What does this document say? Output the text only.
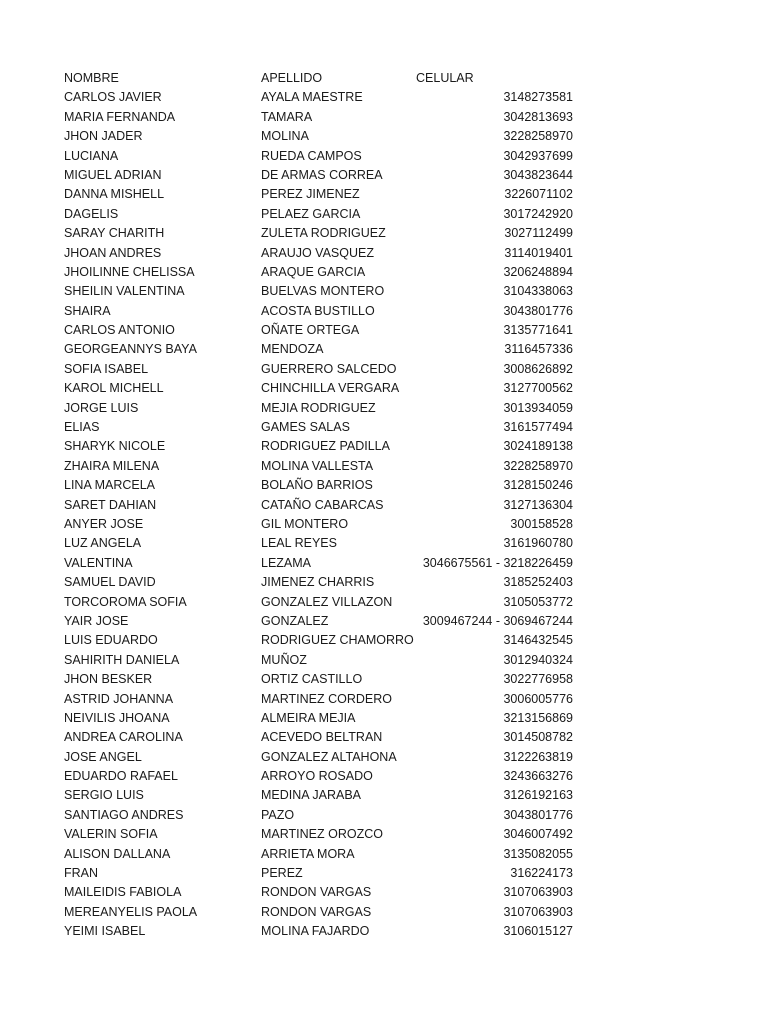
NOMBRE	APELLIDO	CELULAR
CARLOS JAVIER	AYALA MAESTRE	3148273581
MARIA FERNANDA	TAMARA	3042813693
JHON JADER	MOLINA	3228258970
LUCIANA	RUEDA CAMPOS	3042937699
MIGUEL ADRIAN	DE ARMAS CORREA	3043823644
DANNA MISHELL	PEREZ JIMENEZ	3226071102
DAGELIS	PELAEZ GARCIA	3017242920
SARAY CHARITH	ZULETA RODRIGUEZ	3027112499
JHOAN ANDRES	ARAUJO VASQUEZ	3114019401
JHOILINNE CHELISSA	ARAQUE GARCIA	3206248894
SHEILIN VALENTINA	BUELVAS MONTERO	3104338063
SHAIRA	ACOSTA BUSTILLO	3043801776
CARLOS ANTONIO	OÑATE ORTEGA	3135771641
GEORGEANNYS BAYA	MENDOZA	3116457336
SOFIA ISABEL	GUERRERO SALCEDO	3008626892
KAROL MICHELL	CHINCHILLA VERGARA	3127700562
JORGE LUIS	MEJIA RODRIGUEZ	3013934059
ELIAS	GAMES SALAS	3161577494
SHARYK NICOLE	RODRIGUEZ PADILLA	3024189138
ZHAIRA MILENA	MOLINA VALLESTA	3228258970
LINA MARCELA	BOLAÑO BARRIOS	3128150246
SARET DAHIAN	CATAÑO CABARCAS	3127136304
ANYER JOSE	GIL MONTERO	300158528
LUZ ANGELA	LEAL REYES	3161960780
VALENTINA	LEZAMA	3046675561 - 3218226459
SAMUEL DAVID	JIMENEZ CHARRIS	3185252403
TORCOROMA SOFIA	GONZALEZ VILLAZON	3105053772
YAIR JOSE	GONZALEZ	3009467244 - 3069467244
LUIS EDUARDO	RODRIGUEZ CHAMORRO	3146432545
SAHIRITH DANIELA	MUÑOZ	3012940324
JHON BESKER	ORTIZ CASTILLO	3022776958
ASTRID JOHANNA	MARTINEZ CORDERO	3006005776
NEIVILIS JHOANA	ALMEIRA MEJIA	3213156869
ANDREA CAROLINA	ACEVEDO BELTRAN	3014508782
JOSE ANGEL	GONZALEZ ALTAHONA	3122263819
EDUARDO RAFAEL	ARROYO ROSADO	3243663276
SERGIO LUIS	MEDINA JARABA	3126192163
SANTIAGO ANDRES	PAZO	3043801776
VALERIN SOFIA	MARTINEZ OROZCO	3046007492
ALISON DALLANA	ARRIETA MORA	3135082055
FRAN	PEREZ	316224173
MAILEIDIS FABIOLA	RONDON VARGAS	3107063903
MEREANYELIS PAOLA	RONDON VARGAS	3107063903
YEIMI ISABEL	MOLINA FAJARDO	3106015127
